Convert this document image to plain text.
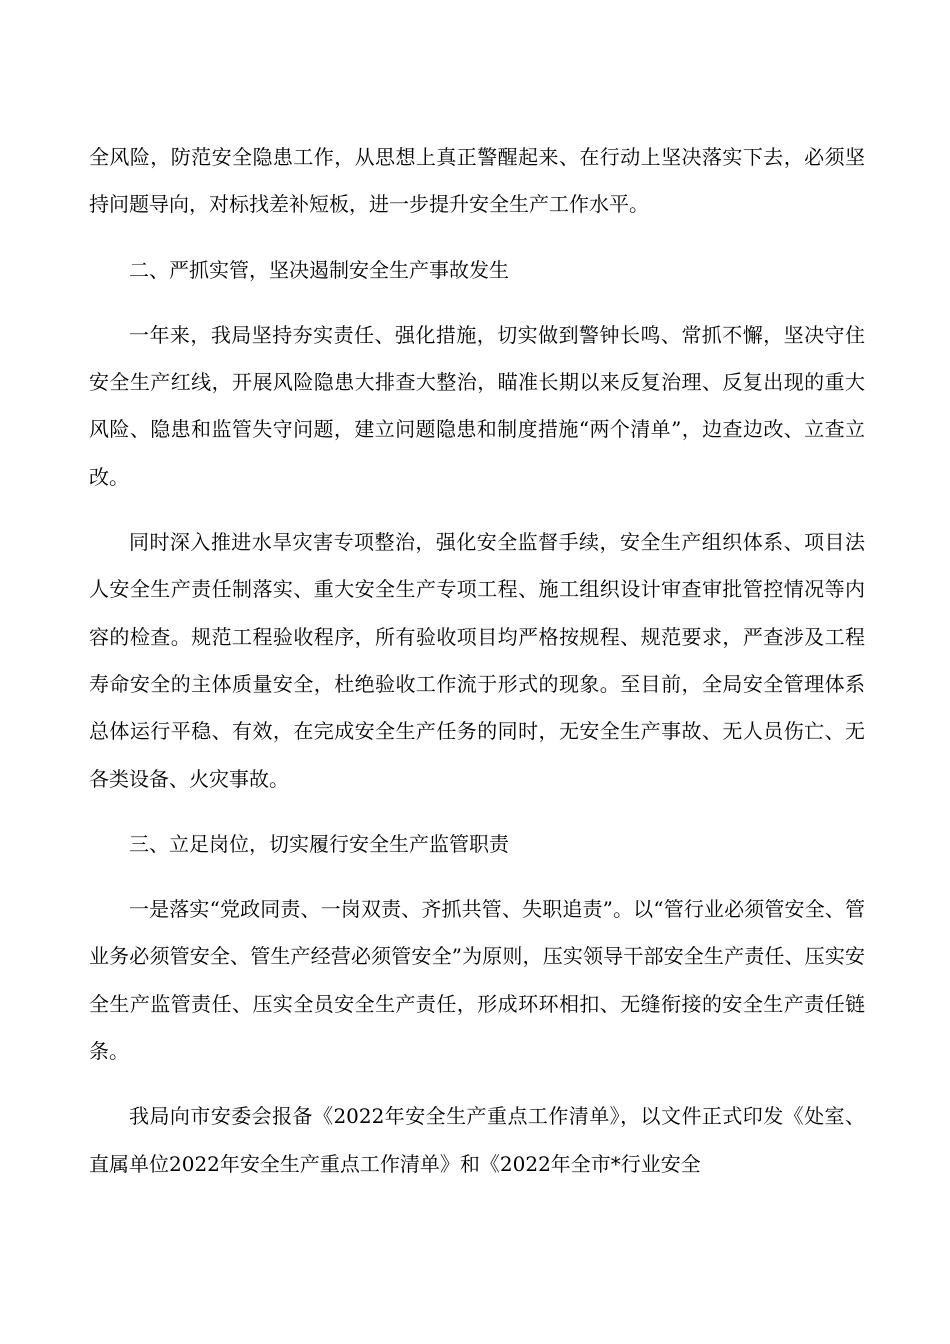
全风险，防范安全隐患工作，从思想上真正警醒起来、在行动上坚决落实下去，必须坚持问题导向，对标找差补短板，进一步提升安全生产工作水平。

二、严抓实管，坚决遏制安全生产事故发生

一年来，我局坚持夯实责任、强化措施，切实做到警钟长鸣、常抓不懈，坚决守住安全生产红线，开展风险隐患大排查大整治，瞄准长期以来反复治理、反复出现的重大风险、隐患和监管失守问题，建立问题隐患和制度措施“两个清单”，边查边改、立查立改。

同时深入推进水旱灾害专项整治，强化安全监督手续，安全生产组织体系、项目法人安全生产责任制落实、重大安全生产专项工程、施工组织设计审查审批管控情况等内容的检查。规范工程验收程序，所有验收项目均严格按规程、规范要求，严查涉及工程寿命安全的主体质量安全，杜绝验收工作流于形式的现象。至目前，全局安全管理体系总体运行平稳、有效，在完成安全生产任务的同时，无安全生产事故、无人员伤亡、无各类设备、火灾事故。

三、立足岗位，切实履行安全生产监管职责

一是落实“党政同责、一岗双责、齐抓共管、失职追责”。以“管行业必须管安全、管业务必须管安全、管生产经营必须管安全”为原则，压实领导干部安全生产责任、压实安全生产监管责任、压实全员安全生产责任，形成环环相扣、无缝衔接的安全生产责任链条。

我局向市安委会报备《2022年安全生产重点工作清单》，以文件正式印发《处室、直属单位2022年安全生产重点工作清单》和《2022年全市*行业安全
